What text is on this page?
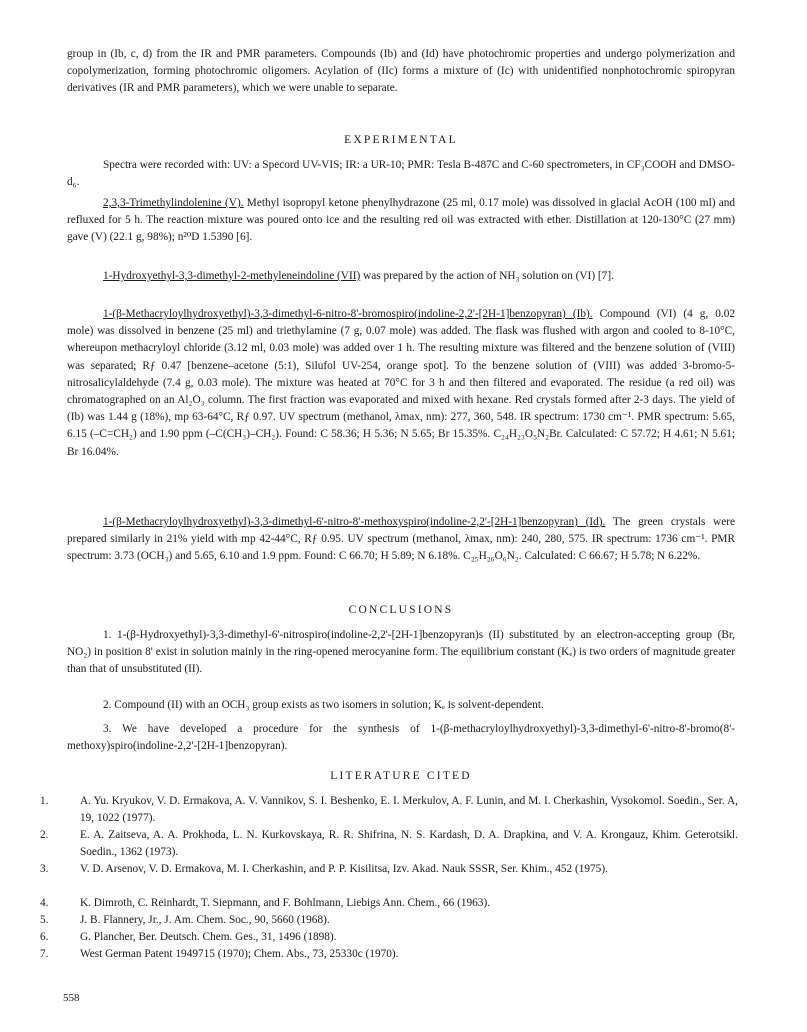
group in (Ib, c, d) from the IR and PMR parameters. Compounds (Ib) and (Id) have photochromic properties and undergo polymerization and copolymerization, forming photochromic oligomers. Acylation of (IIc) forms a mixture of (Ic) with unidentified nonphotochromic spiropyran derivatives (IR and PMR parameters), which we were unable to separate.

EXPERIMENTAL

Spectra were recorded with: UV: a Specord UV-VIS; IR: a UR-10; PMR: Tesla B-487C and C-60 spectrometers, in CF₃COOH and DMSO-d₆.

2,3,3-Trimethylindolenine (V). Methyl isopropyl ketone phenylhydrazone (25 ml, 0.17 mole) was dissolved in glacial AcOH (100 ml) and refluxed for 5 h. The reaction mixture was poured onto ice and the resulting red oil was extracted with ether. Distillation at 120-130°C (27 mm) gave (V) (22.1 g, 98%); n²⁰D 1.5390 [6].

1-Hydroxyethyl-3,3-dimethyl-2-methyleneindoline (VII) was prepared by the action of NH₃ solution on (VI) [7].

1-(β-Methacryloylhydroxyethyl)-3,3-dimethyl-6-nitro-8'-bromospiro(indoline-2,2'-[2H-1]benzopyran) (Ib). Compound (VI) (4 g, 0.02 mole) was dissolved in benzene (25 ml) and triethylamine (7 g, 0.07 mole) was added. The flask was flushed with argon and cooled to 8-10°C, whereupon methacryloyl chloride (3.12 ml, 0.03 mole) was added over 1 h. The resulting mixture was filtered and the benzene solution of (VIII) was separated; Rƒ 0.47 [benzene–acetone (5:1), Silufol UV-254, orange spot]. To the benzene solution of (VIII) was added 3-bromo-5-nitrosalicylaldehyde (7.4 g, 0.03 mole). The mixture was heated at 70°C for 3 h and then filtered and evaporated. The residue (a red oil) was chromatographed on an Al₂O₃ column. The first fraction was evaporated and mixed with hexane. Red crystals formed after 2-3 days. The yield of (Ib) was 1.44 g (18%), mp 63-64°C, Rƒ 0.97. UV spectrum (methanol, λmax, nm): 277, 360, 548. IR spectrum: 1730 cm⁻¹. PMR spectrum: 5.65, 6.15 (–C=CH₂) and 1.90 ppm (–C(CH₃)–CH₂). Found: C 58.36; H 5.36; N 5.65; Br 15.35%. C₂₄H₂₃O₅N₂Br. Calculated: C 57.72; H 4.61; N 5.61; Br 16.04%.

1-(β-Methacryloylhydroxyethyl)-3,3-dimethyl-6'-nitro-8'-methoxyspiro(indoline-2,2'-[2H-1]benzopyran) (Id). The green crystals were prepared similarly in 21% yield with mp 42-44°C, Rƒ 0.95. UV spectrum (methanol, λmax, nm): 240, 280, 575. IR spectrum: 1736 cm⁻¹. PMR spectrum: 3.73 (OCH₃) and 5.65, 6.10 and 1.9 ppm. Found: C 66.70; H 5.89; N 6.18%. C₂₅H₂₆O₆N₂. Calculated: C 66.67; H 5.78; N 6.22%.

CONCLUSIONS

1. 1-(β-Hydroxyethyl)-3,3-dimethyl-6'-nitrospiro(indoline-2,2'-[2H-1]benzopyran)s (II) substituted by an electron-accepting group (Br, NO₂) in position 8' exist in solution mainly in the ring-opened merocyanine form. The equilibrium constant (Kₑ) is two orders of magnitude greater than that of unsubstituted (II).

2. Compound (II) with an OCH₃ group exists as two isomers in solution; Kₑ is solvent-dependent.

3. We have developed a procedure for the synthesis of 1-(β-methacryloylhydroxyethyl)-3,3-dimethyl-6'-nitro-8'-bromo(8'-methoxy)spiro(indoline-2,2'-[2H-1]benzopyran).

LITERATURE CITED

1.	A. Yu. Kryukov, V. D. Ermakova, A. V. Vannikov, S. I. Beshenko, E. I. Merkulov, A. F. Lunin, and M. I. Cherkashin, Vysokomol. Soedin., Ser. A, 19, 1022 (1977).
2.	E. A. Zaitseva, A. A. Prokhoda, L. N. Kurkovskaya, R. R. Shifrina, N. S. Kardash, D. A. Drapkina, and V. A. Krongauz, Khim. Geterotsikl. Soedin., 1362 (1973).
3.	V. D. Arsenov, V. D. Ermakova, M. I. Cherkashin, and P. P. Kisilitsa, Izv. Akad. Nauk SSSR, Ser. Khim., 452 (1975).
4.	K. Dimroth, C. Reinhardt, T. Siepmann, and F. Bohlmann, Liebigs Ann. Chem., 66 (1963).
5.	J. B. Flannery, Jr., J. Am. Chem. Soc., 90, 5660 (1968).
6.	G. Plancher, Ber. Deutsch. Chem. Ges., 31, 1496 (1898).
7.	West German Patent 1949715 (1970); Chem. Abs., 73, 25330c (1970).
558
